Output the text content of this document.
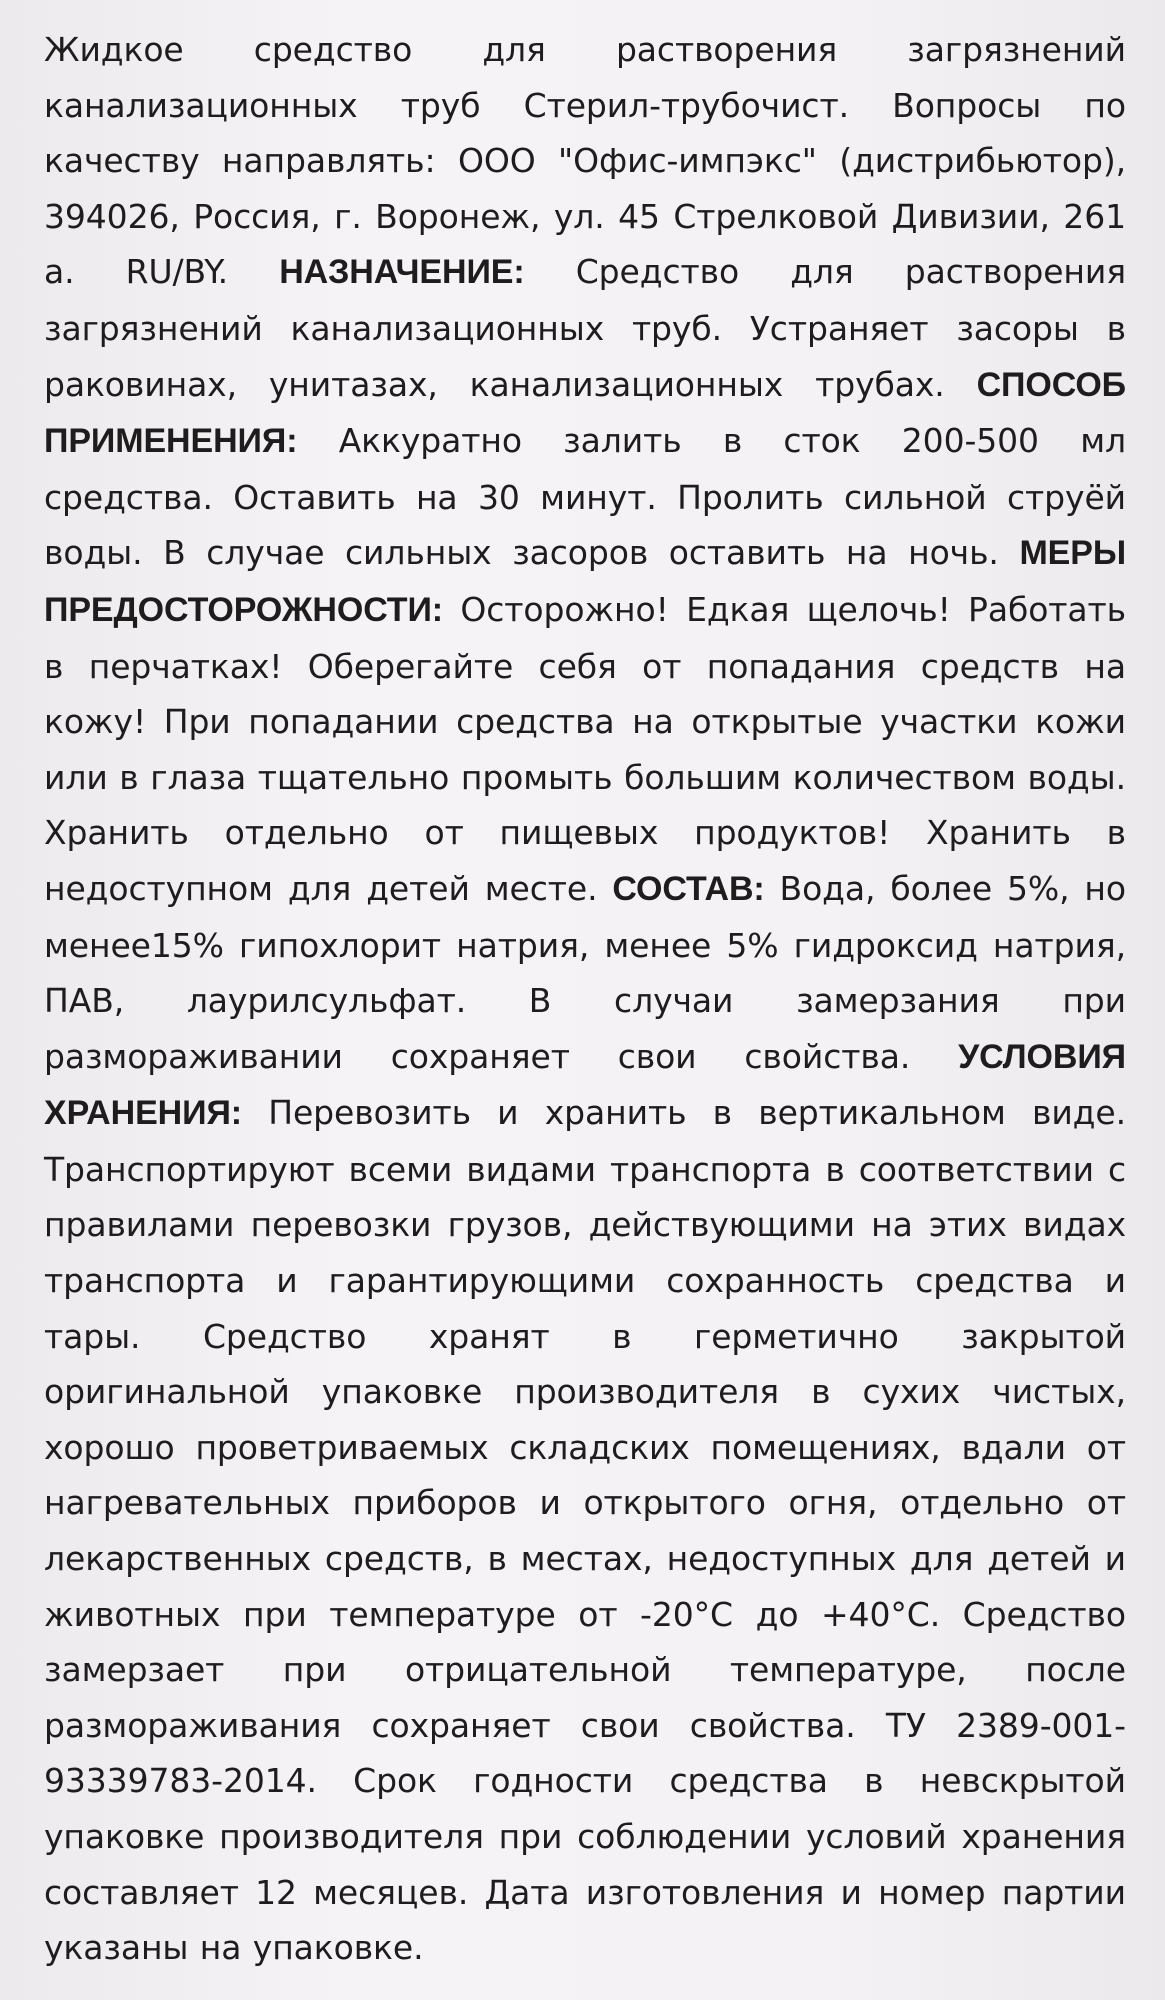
Жидкое средство для растворения загрязнений канализационных труб Стерил-трубочист. Вопросы по качеству направлять: ООО "Офис-импэкс" (дистрибьютор), 394026, Россия, г. Воронеж, ул. 45 Стрелковой Дивизии, 261 а. RU/BY. НАЗНАЧЕНИЕ: Средство для растворения загрязнений канализационных труб. Устраняет засоры в раковинах, унитазах, канализационных трубах. СПОСОБ ПРИМЕНЕНИЯ: Аккуратно залить в сток 200-500 мл средства. Оставить на 30 минут. Пролить сильной струёй воды. В случае сильных засоров оставить на ночь. МЕРЫ ПРЕДОСТОРОЖНОСТИ: Осторожно! Едкая щелочь! Работать в перчатках! Оберегайте себя от попадания средств на кожу! При попадании средства на открытые участки кожи или в глаза тщательно промыть большим количеством воды. Хранить отдельно от пищевых продуктов! Хранить в недоступном для детей месте. СОСТАВ: Вода, более 5%, но менее15% гипохлорит натрия, менее 5% гидроксид натрия, ПАВ, лаурилсульфат. В случаи замерзания при размораживании сохраняет свои свойства. УСЛОВИЯ ХРАНЕНИЯ: Перевозить и хранить в вертикальном виде. Транспортируют всеми видами транспорта в соответствии с правилами перевозки грузов, действующими на этих видах транспорта и гарантирующими сохранность средства и тары. Средство хранят в герметично закрытой оригинальной упаковке производителя в сухих чистых, хорошо проветриваемых складских помещениях, вдали от нагревательных приборов и открытого огня, отдельно от лекарственных средств, в местах, недоступных для детей и животных при температуре от -20°С до +40°С. Средство замерзает при отрицательной температуре, после размораживания сохраняет свои свойства. ТУ 2389-001-93339783-2014. Срок годности средства в невскрытой упаковке производителя при соблюдении условий хранения составляет 12 месяцев. Дата изготовления и номер партии указаны на упаковке.
